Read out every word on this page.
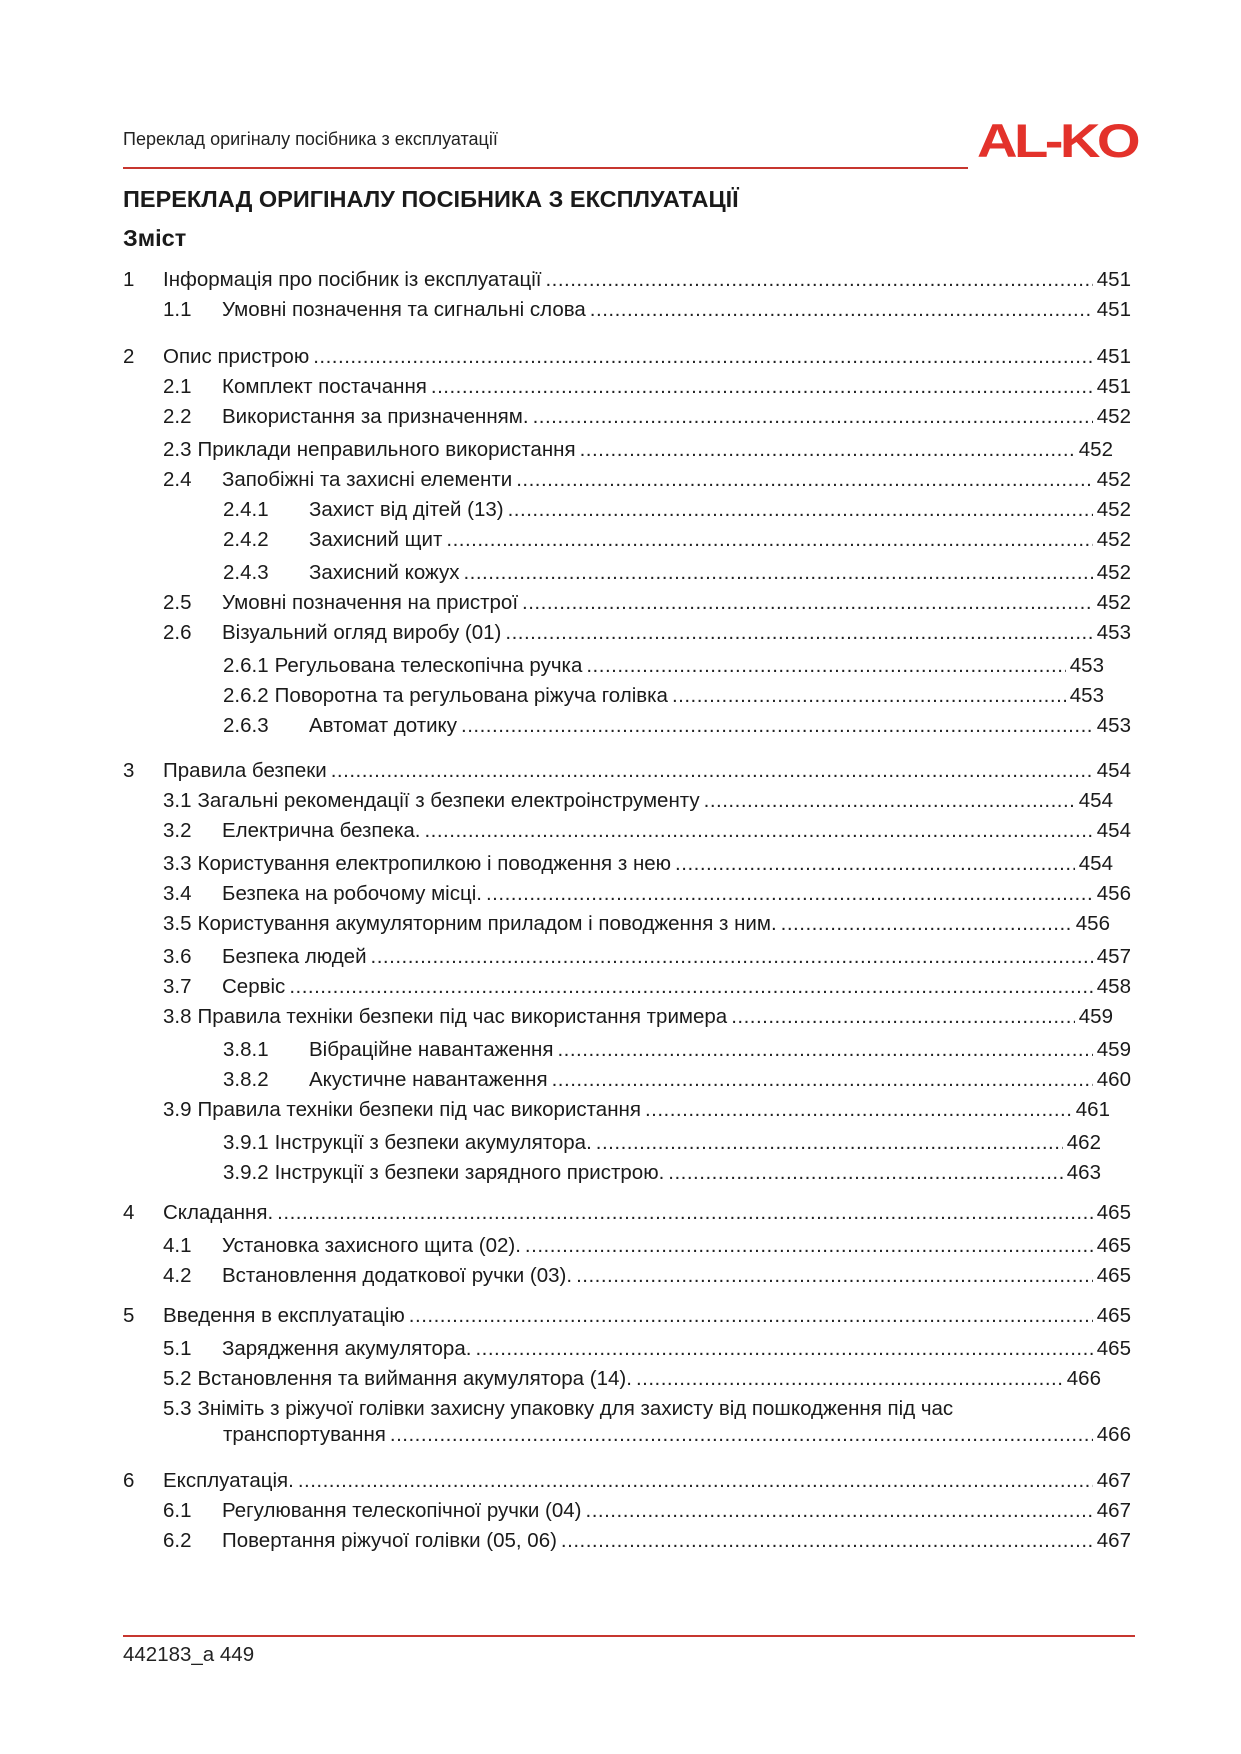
Переклад оригіналу посібника з експлуатації	AL-KO
ПЕРЕКЛАД ОРИГІНАЛУ ПОСІБНИКА З ЕКСПЛУАТАЦІЇ
Зміст
1	Інформація про посібник із експлуатації .....	451
1.1	Умовні позначення та сигнальні слова .....	451
2	Опис пристрою .....	451
2.1	Комплект постачання .....	451
2.2	Використання за призначенням. .....	452
2.3 Приклади неправильного використання .....	452
2.4	Запобіжні та захисні елементи .....	452
2.4.1	Захист від дітей (13) .....	452
2.4.2	Захисний щит .....	452
2.4.3	Захисний кожух .....	452
2.5	Умовні позначення на пристрої .....	452
2.6	Візуальний огляд виробу (01) .....	453
2.6.1 Регульована телескопічна ручка .....	453
2.6.2 Поворотна та регульована ріжуча голівка .....	453
2.6.3	Автомат дотику .....	453
3	Правила безпеки .....	454
3.1 Загальні рекомендації з безпеки електроінструменту .....	454
3.2	Електрична безпека. .....	454
3.3 Користування електропилкою і поводження з нею .....	454
3.4	Безпека на робочому місці. .....	456
3.5 Користування акумуляторним приладом і поводження з ним. .....	456
3.6	Безпека людей .....	457
3.7	Сервіс .....	458
3.8 Правила техніки безпеки під час використання тримера .....	459
3.8.1	Вібраційне навантаження .....	459
3.8.2	Акустичне навантаження .....	460
3.9 Правила техніки безпеки під час використання .....	461
3.9.1 Інструкції з безпеки акумулятора. .....	462
3.9.2 Інструкції з безпеки зарядного пристрою. .....	463
4	Складання. .....	465
4.1	Установка захисного щита (02). .....	465
4.2	Встановлення додаткової ручки (03). .....	465
5	Введення в експлуатацію .....	465
5.1	Зарядження акумулятора. .....	465
5.2 Встановлення та виймання акумулятора (14). .....	466
5.3 Зніміть з ріжучої голівки захисну упаковку для захисту від пошкодження під час
транспортування .....	466
6	Експлуатація. .....	467
6.1	Регулювання телескопічної ручки (04) .....	467
6.2	Повертання ріжучої голівки (05, 06) .....	467
442183_a 449
